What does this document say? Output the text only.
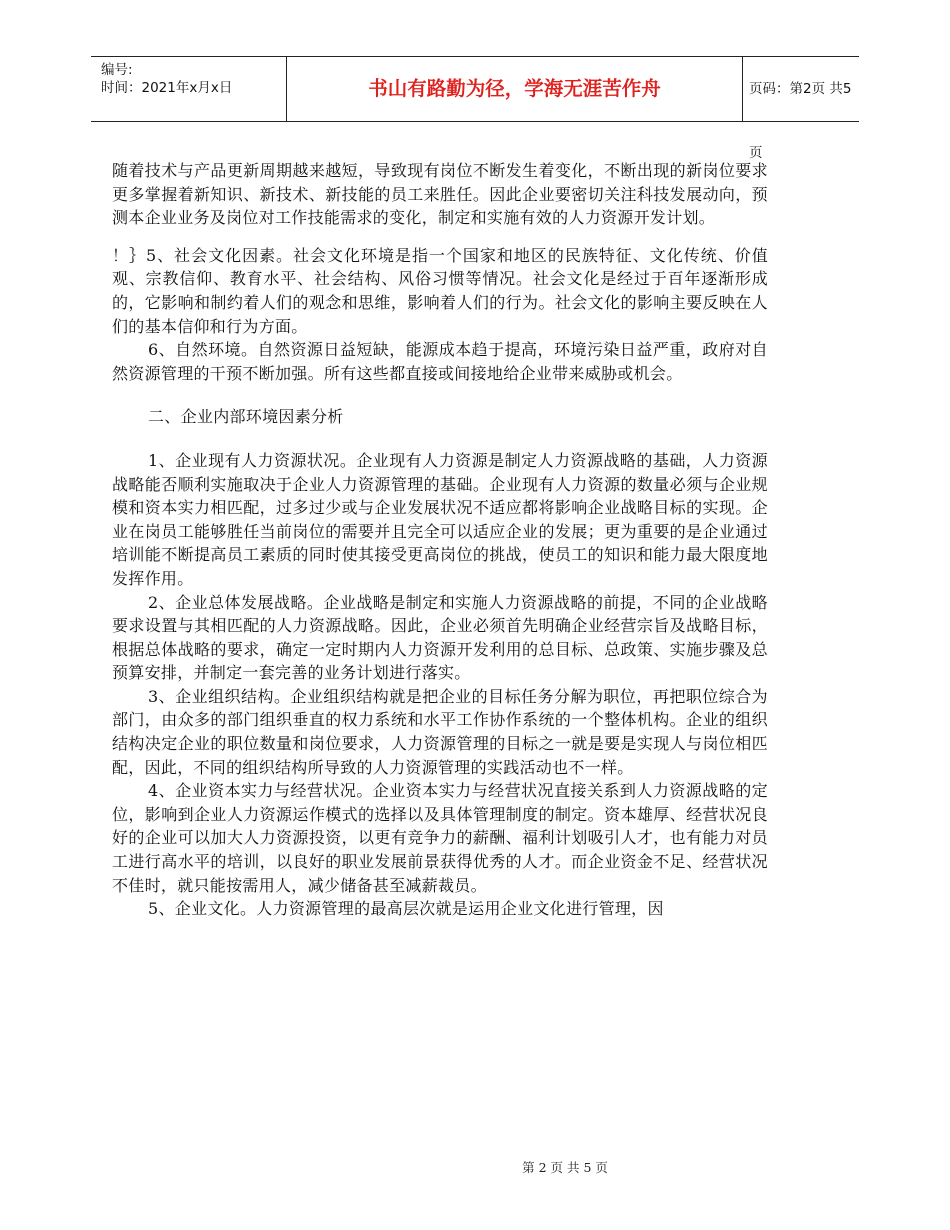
编号:
时间：2021年x月x日	书山有路勤为径，学海无涯苦作舟	页码：第2页 共5页

随着技术与产品更新周期越来越短，导致现有岗位不断发生着变化，不断出现的新岗位要求更多掌握着新知识、新技术、新技能的员工来胜任。因此企业要密切关注科技发展动向，预测本企业业务及岗位对工作技能需求的变化，制定和实施有效的人力资源开发计划。

！｝5、社会文化因素。社会文化环境是指一个国家和地区的民族特征、文化传统、价值观、宗教信仰、教育水平、社会结构、风俗习惯等情况。社会文化是经过于百年逐渐形成的，它影响和制约着人们的观念和思维，影响着人们的行为。社会文化的影响主要反映在人们的基本信仰和行为方面。

6、自然环境。自然资源日益短缺，能源成本趋于提高，环境污染日益严重，政府对自然资源管理的干预不断加强。所有这些都直接或间接地给企业带来威胁或机会。

二、企业内部环境因素分析

1、企业现有人力资源状况。企业现有人力资源是制定人力资源战略的基础，人力资源战略能否顺利实施取决于企业人力资源管理的基础。企业现有人力资源的数量必须与企业规模和资本实力相匹配，过多过少或与企业发展状况不适应都将影响企业战略目标的实现。企业在岗员工能够胜任当前岗位的需要并且完全可以适应企业的发展；更为重要的是企业通过培训能不断提高员工素质的同时使其接受更高岗位的挑战，使员工的知识和能力最大限度地发挥作用。

2、企业总体发展战略。企业战略是制定和实施人力资源战略的前提，不同的企业战略要求设置与其相匹配的人力资源战略。因此，企业必须首先明确企业经营宗旨及战略目标，根据总体战略的要求，确定一定时期内人力资源开发利用的总目标、总政策、实施步骤及总预算安排，并制定一套完善的业务计划进行落实。

3、企业组织结构。企业组织结构就是把企业的目标任务分解为职位，再把职位综合为部门，由众多的部门组织垂直的权力系统和水平工作协作系统的一个整体机构。企业的组织结构决定企业的职位数量和岗位要求，人力资源管理的目标之一就是要是实现人与岗位相匹配，因此，不同的组织结构所导致的人力资源管理的实践活动也不一样。

4、企业资本实力与经营状况。企业资本实力与经营状况直接关系到人力资源战略的定位，影响到企业人力资源运作模式的选择以及具体管理制度的制定。资本雄厚、经营状况良好的企业可以加大人力资源投资，以更有竞争力的薪酬、福利计划吸引人才，也有能力对员工进行高水平的培训，以良好的职业发展前景获得优秀的人才。而企业资金不足、经营状况不佳时，就只能按需用人，减少储备甚至减薪裁员。

5、企业文化。人力资源管理的最高层次就是运用企业文化进行管理，因

第 2 页 共 5 页
